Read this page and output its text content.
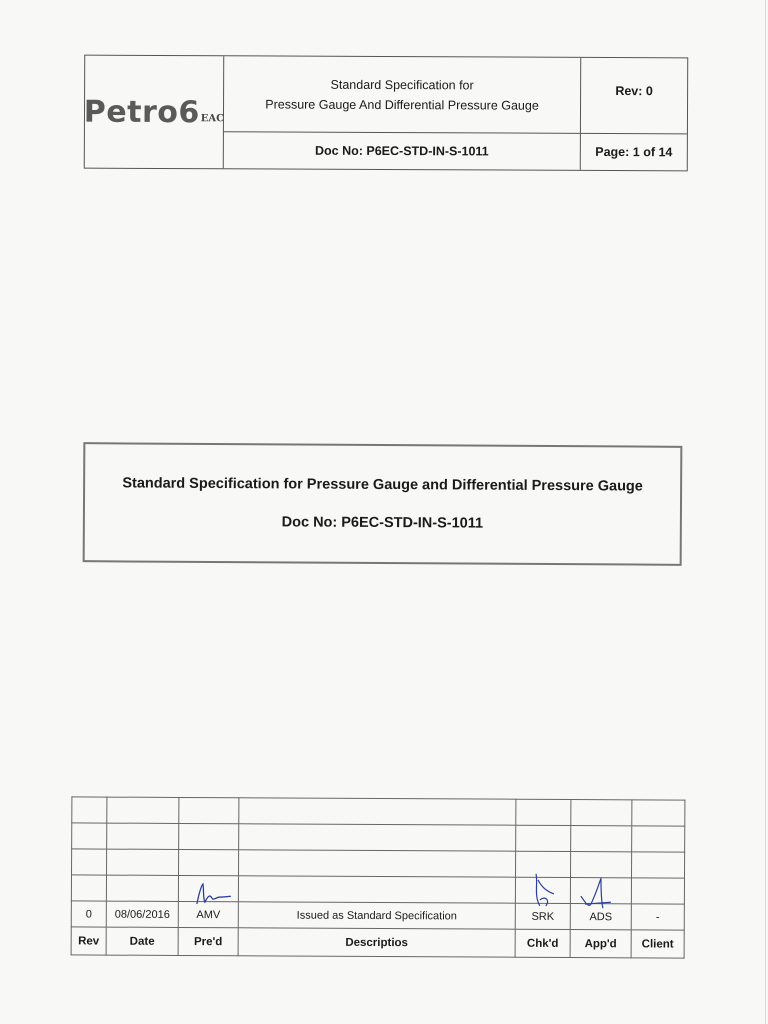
Petro6 EAC
Standard Specification for
Pressure Gauge And Differential Pressure Gauge
Rev: 0
Doc No: P6EC-STD-IN-S-1011	Page: 1 of 14
Standard Specification for Pressure Gauge and Differential Pressure Gauge
Doc No: P6EC-STD-IN-S-1011

0	08/06/2016	AMV	Issued as Standard Specification	SRK	ADS	-
Rev	Date	Pre'd	Descriptios	Chk'd	App'd	Client
